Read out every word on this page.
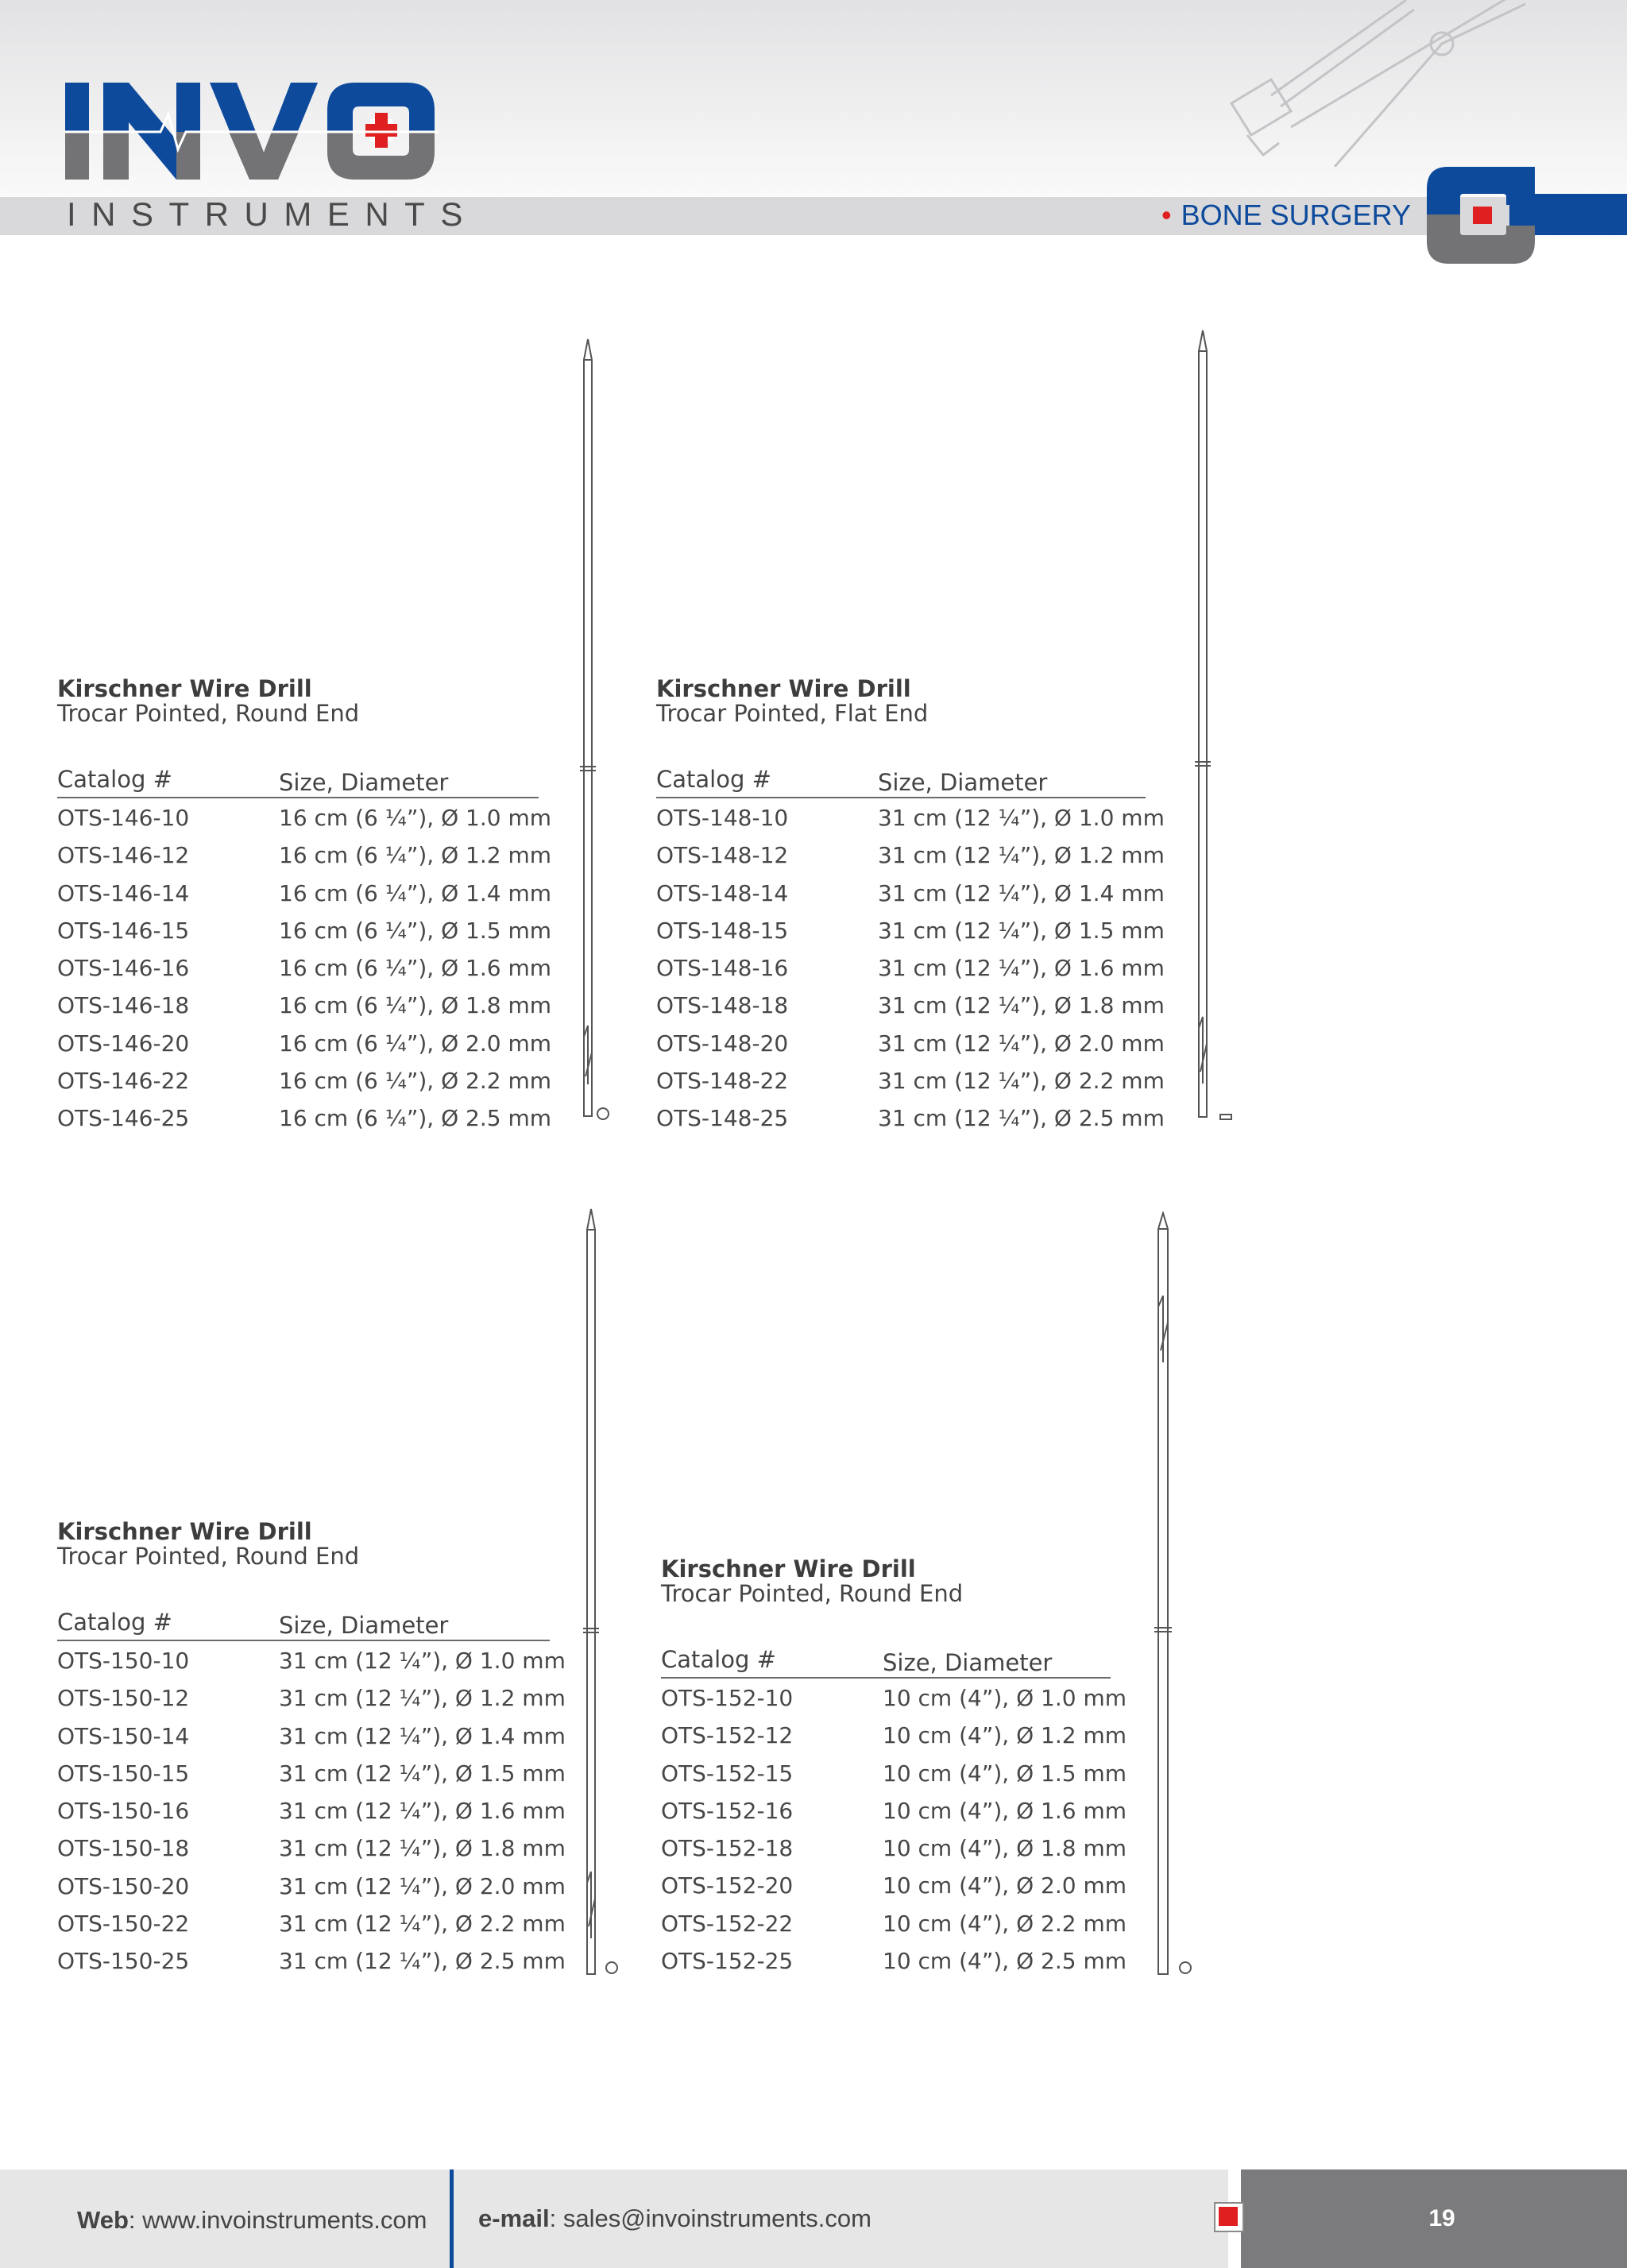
INSTRUMENTS	• BONE SURGERY
Kirschner Wire Drill
Trocar Pointed, Round End
Catalog #	Size, Diameter
OTS-146-10	16 cm (6 ¼”), Ø 1.0 mm
OTS-146-12	16 cm (6 ¼”), Ø 1.2 mm
OTS-146-14	16 cm (6 ¼”), Ø 1.4 mm
OTS-146-15	16 cm (6 ¼”), Ø 1.5 mm
OTS-146-16	16 cm (6 ¼”), Ø 1.6 mm
OTS-146-18	16 cm (6 ¼”), Ø 1.8 mm
OTS-146-20	16 cm (6 ¼”), Ø 2.0 mm
OTS-146-22	16 cm (6 ¼”), Ø 2.2 mm
OTS-146-25	16 cm (6 ¼”), Ø 2.5 mm
Kirschner Wire Drill
Trocar Pointed, Flat End
Catalog #	Size, Diameter
OTS-148-10	31 cm (12 ¼”), Ø 1.0 mm
OTS-148-12	31 cm (12 ¼”), Ø 1.2 mm
OTS-148-14	31 cm (12 ¼”), Ø 1.4 mm
OTS-148-15	31 cm (12 ¼”), Ø 1.5 mm
OTS-148-16	31 cm (12 ¼”), Ø 1.6 mm
OTS-148-18	31 cm (12 ¼”), Ø 1.8 mm
OTS-148-20	31 cm (12 ¼”), Ø 2.0 mm
OTS-148-22	31 cm (12 ¼”), Ø 2.2 mm
OTS-148-25	31 cm (12 ¼”), Ø 2.5 mm
Kirschner Wire Drill
Trocar Pointed, Round End
Catalog #	Size, Diameter
OTS-150-10	31 cm (12 ¼”), Ø 1.0 mm
OTS-150-12	31 cm (12 ¼”), Ø 1.2 mm
OTS-150-14	31 cm (12 ¼”), Ø 1.4 mm
OTS-150-15	31 cm (12 ¼”), Ø 1.5 mm
OTS-150-16	31 cm (12 ¼”), Ø 1.6 mm
OTS-150-18	31 cm (12 ¼”), Ø 1.8 mm
OTS-150-20	31 cm (12 ¼”), Ø 2.0 mm
OTS-150-22	31 cm (12 ¼”), Ø 2.2 mm
OTS-150-25	31 cm (12 ¼”), Ø 2.5 mm
Kirschner Wire Drill
Trocar Pointed, Round End
Catalog #	Size, Diameter
OTS-152-10	10 cm (4”), Ø 1.0 mm
OTS-152-12	10 cm (4”), Ø 1.2 mm
OTS-152-15	10 cm (4”), Ø 1.5 mm
OTS-152-16	10 cm (4”), Ø 1.6 mm
OTS-152-18	10 cm (4”), Ø 1.8 mm
OTS-152-20	10 cm (4”), Ø 2.0 mm
OTS-152-22	10 cm (4”), Ø 2.2 mm
OTS-152-25	10 cm (4”), Ø 2.5 mm
Web: www.invoinstruments.com e-mail: sales@invoinstruments.com	19
